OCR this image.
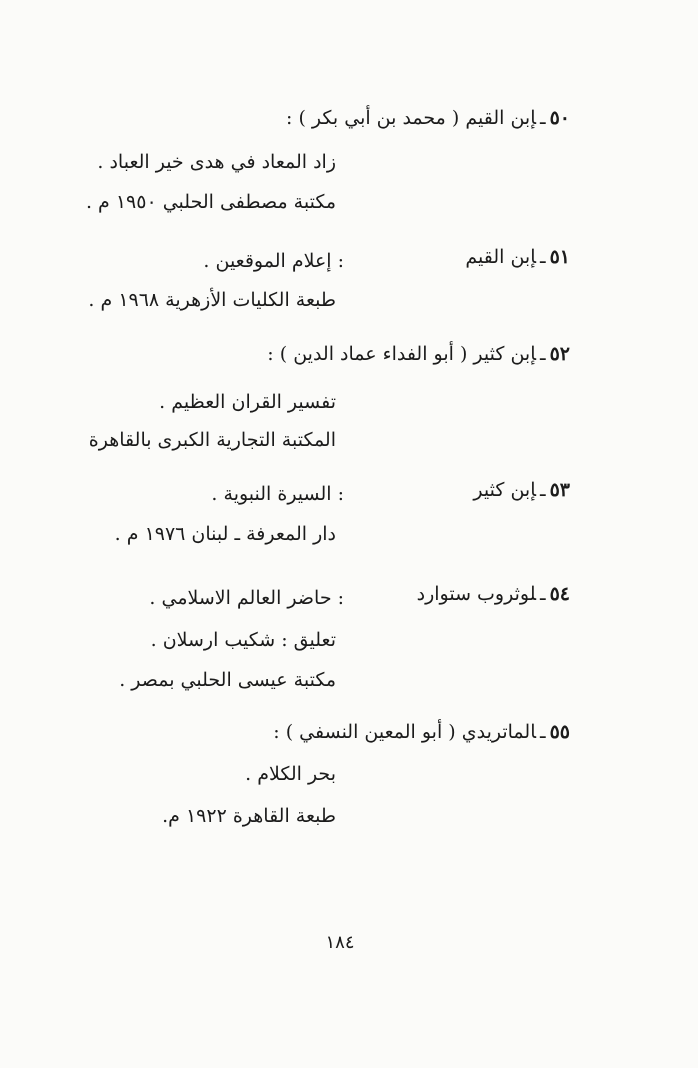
٥٠ـإبن القيم ( محمد بن أبي بكر ) :
زاد المعاد في هدى خير العباد .
مكتبة مصطفى الحلبي ١٩٥٠ م .
٥١ـإبن القيم
: إعلام الموقعين .
طبعة الكليات الأزهرية ١٩٦٨ م .
٥٢ـإبن كثير ( أبو الفداء عماد الدين ) :
تفسير القران العظيم .
المكتبة التجارية الكبرى بالقاهرة
٥٣ـإبن كثير
: السيرة النبوية .
دار المعرفة ـ لبنان ١٩٧٦ م .
٥٤ـلوثروب ستوارد
: حاضر العالم الاسلامي .
تعليق : شكيب ارسلان .
مكتبة عيسى الحلبي بمصر .
٥٥ـالماتريدي ( أبو المعين النسفي ) :
بحر الكلام .
طبعة القاهرة ١٩٢٢ م.
١٨٤
